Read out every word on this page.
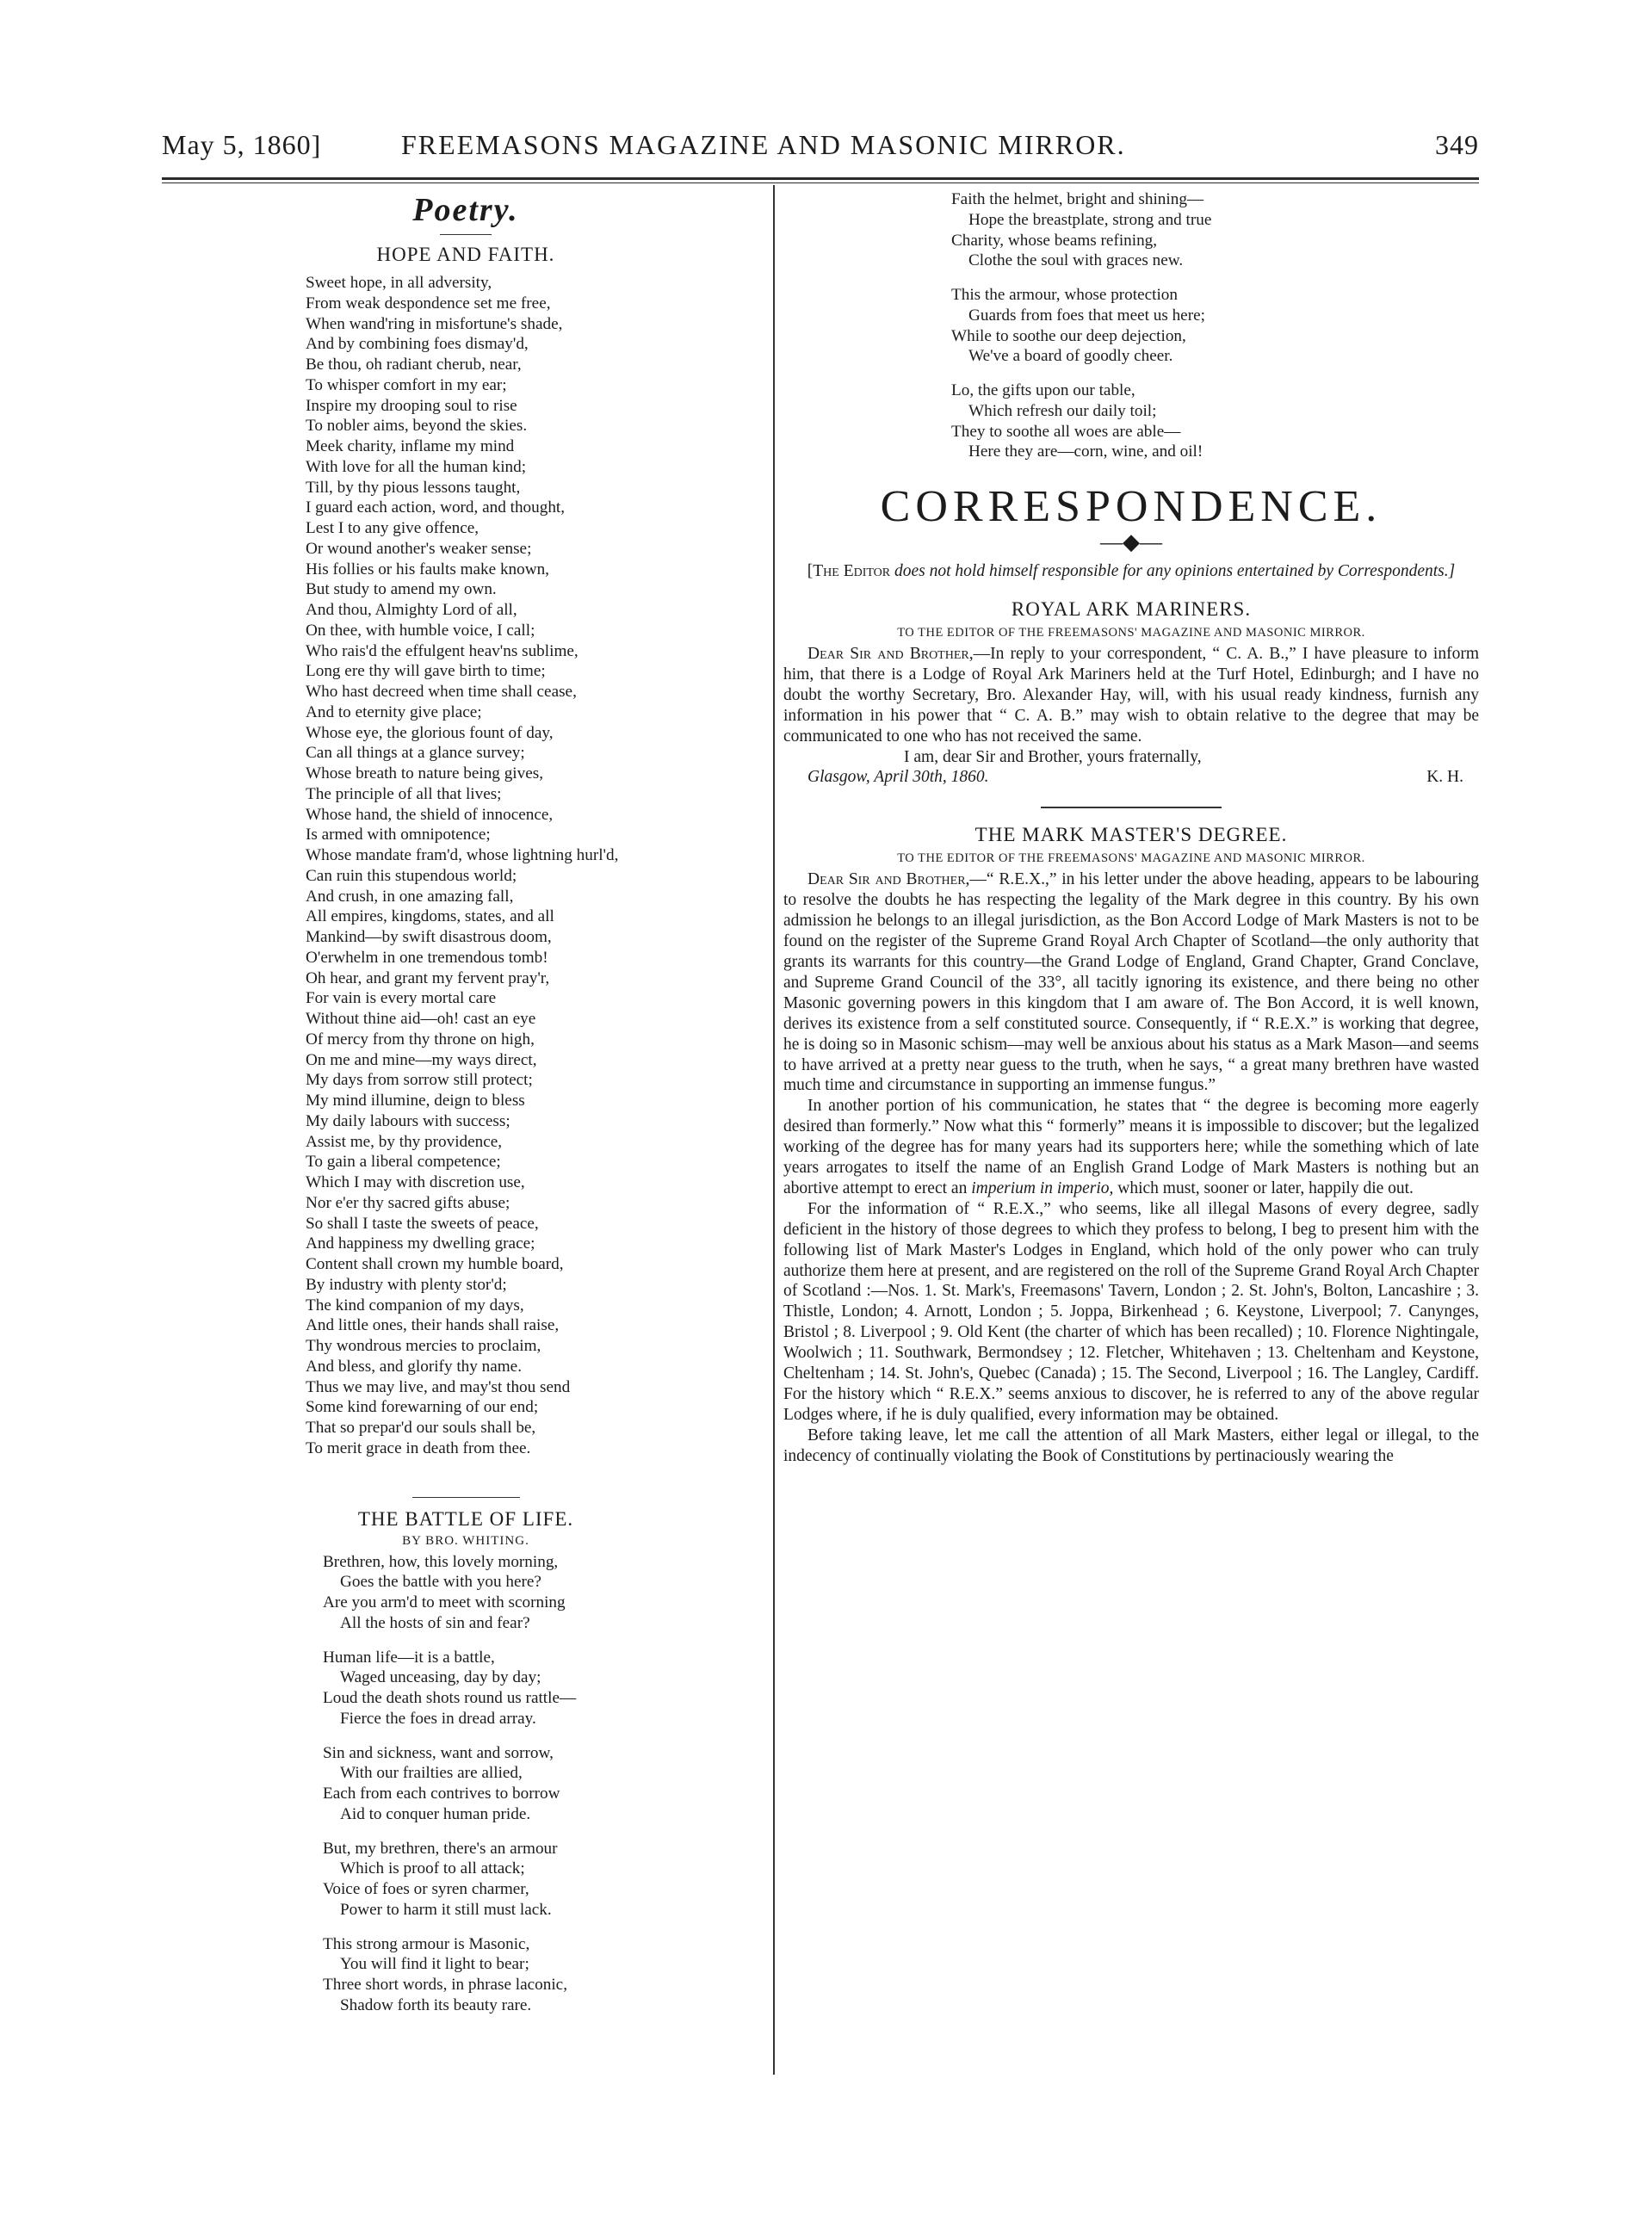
May 5, 1860]	FREEMASONS MAGAZINE AND MASONIC MIRROR.	349
Poetry.
HOPE AND FAITH.
Sweet hope, in all adversity,
From weak despondence set me free,
When wand'ring in misfortune's shade,
And by combining foes dismay'd,
Be thou, oh radiant cherub, near,
To whisper comfort in my ear;
Inspire my drooping soul to rise
To nobler aims, beyond the skies.
Meek charity, inflame my mind
With love for all the human kind;
Till, by thy pious lessons taught,
I guard each action, word, and thought,
Lest I to any give offence,
Or wound another's weaker sense;
His follies or his faults make known,
But study to amend my own.
And thou, Almighty Lord of all,
On thee, with humble voice, I call;
Who rais'd the effulgent heav'ns sublime,
Long ere thy will gave birth to time;
Who hast decreed when time shall cease,
And to eternity give place;
Whose eye, the glorious fount of day,
Can all things at a glance survey;
Whose breath to nature being gives,
The principle of all that lives;
Whose hand, the shield of innocence,
Is armed with omnipotence;
Whose mandate fram'd, whose lightning hurl'd,
Can ruin this stupendous world;
And crush, in one amazing fall,
All empires, kingdoms, states, and all
Mankind—by swift disastrous doom,
O'erwhelm in one tremendous tomb!
Oh hear, and grant my fervent pray'r,
For vain is every mortal care
Without thine aid—oh! cast an eye
Of mercy from thy throne on high,
On me and mine—my ways direct,
My days from sorrow still protect;
My mind illumine, deign to bless
My daily labours with success;
Assist me, by thy providence,
To gain a liberal competence;
Which I may with discretion use,
Nor e'er thy sacred gifts abuse;
So shall I taste the sweets of peace,
And happiness my dwelling grace;
Content shall crown my humble board,
By industry with plenty stor'd;
The kind companion of my days,
And little ones, their hands shall raise,
Thy wondrous mercies to proclaim,
And bless, and glorify thy name.
Thus we may live, and may'st thou send
Some kind forewarning of our end;
That so prepar'd our souls shall be,
To merit grace in death from thee.
THE BATTLE OF LIFE.
BY BRO. WHITING.
Brethren, how, this lovely morning,
Goes the battle with you here?
Are you arm'd to meet with scorning
All the hosts of sin and fear?
Human life—it is a battle,
Waged unceasing, day by day;
Loud the death shots round us rattle—
Fierce the foes in dread array.
Sin and sickness, want and sorrow,
With our frailties are allied,
Each from each contrives to borrow
Aid to conquer human pride.
But, my brethren, there's an armour
Which is proof to all attack;
Voice of foes or syren charmer,
Power to harm it still must lack.
This strong armour is Masonic,
You will find it light to bear;
Three short words, in phrase laconic,
Shadow forth its beauty rare.
Faith the helmet, bright and shining—
Hope the breastplate, strong and true
Charity, whose beams refining,
Clothe the soul with graces new.
This the armour, whose protection
Guards from foes that meet us here;
While to soothe our deep dejection,
We've a board of goodly cheer.
Lo, the gifts upon our table,
Which refresh our daily toil;
They to soothe all woes are able—
Here they are—corn, wine, and oil!
CORRESPONDENCE.
—◆—
[The Editor does not hold himself responsible for any opinions entertained by Correspondents.]
ROYAL ARK MARINERS.
TO THE EDITOR OF THE FREEMASONS' MAGAZINE AND MASONIC MIRROR.

Dear Sir and Brother,—In reply to your correspondent, “ C. A. B.,” I have pleasure to inform him, that there is a Lodge of Royal Ark Mariners held at the Turf Hotel, Edinburgh; and I have no doubt the worthy Secretary, Bro. Alexander Hay, will, with his usual ready kindness, furnish any information in his power that “ C. A. B.” may wish to obtain relative to the degree that may be communicated to one who has not received the same.

I am, dear Sir and Brother, yours fraternally,
Glasgow, April 30th, 1860.	K. H.
THE MARK MASTER'S DEGREE.
TO THE EDITOR OF THE FREEMASONS' MAGAZINE AND MASONIC MIRROR.

Dear Sir and Brother,—“ R.E.X.,” in his letter under the above heading, appears to be labouring to resolve the doubts he has respecting the legality of the Mark degree in this country. By his own admission he belongs to an illegal jurisdiction, as the Bon Accord Lodge of Mark Masters is not to be found on the register of the Supreme Grand Royal Arch Chapter of Scotland—the only authority that grants its warrants for this country—the Grand Lodge of England, Grand Chapter, Grand Conclave, and Supreme Grand Council of the 33°, all tacitly ignoring its existence, and there being no other Masonic governing powers in this kingdom that I am aware of. The Bon Accord, it is well known, derives its existence from a self constituted source. Consequently, if “ R.E.X.” is working that degree, he is doing so in Masonic schism—may well be anxious about his status as a Mark Mason—and seems to have arrived at a pretty near guess to the truth, when he says, “ a great many brethren have wasted much time and circumstance in supporting an immense fungus.”

In another portion of his communication, he states that “ the degree is becoming more eagerly desired than formerly.” Now what this “ formerly” means it is impossible to discover; but the legalized working of the degree has for many years had its supporters here; while the something which of late years arrogates to itself the name of an English Grand Lodge of Mark Masters is nothing but an abortive attempt to erect an imperium in imperio, which must, sooner or later, happily die out.

For the information of “ R.E.X.,” who seems, like all illegal Masons of every degree, sadly deficient in the history of those degrees to which they profess to belong, I beg to present him with the following list of Mark Master's Lodges in England, which hold of the only power who can truly authorize them here at present, and are registered on the roll of the Supreme Grand Royal Arch Chapter of Scotland :—Nos. 1. St. Mark's, Freemasons' Tavern, London ; 2. St. John's, Bolton, Lancashire ; 3. Thistle, London; 4. Arnott, London ; 5. Joppa, Birkenhead ; 6. Keystone, Liverpool; 7. Canynges, Bristol ; 8. Liverpool ; 9. Old Kent (the charter of which has been recalled) ; 10. Florence Nightingale, Woolwich ; 11. Southwark, Bermondsey ; 12. Fletcher, Whitehaven ; 13. Cheltenham and Keystone, Cheltenham ; 14. St. John's, Quebec (Canada) ; 15. The Second, Liverpool ; 16. The Langley, Cardiff. For the history which “ R.E.X.” seems anxious to discover, he is referred to any of the above regular Lodges where, if he is duly qualified, every information may be obtained.

Before taking leave, let me call the attention of all Mark Masters, either legal or illegal, to the indecency of continually violating the Book of Constitutions by pertinaciously wearing the
